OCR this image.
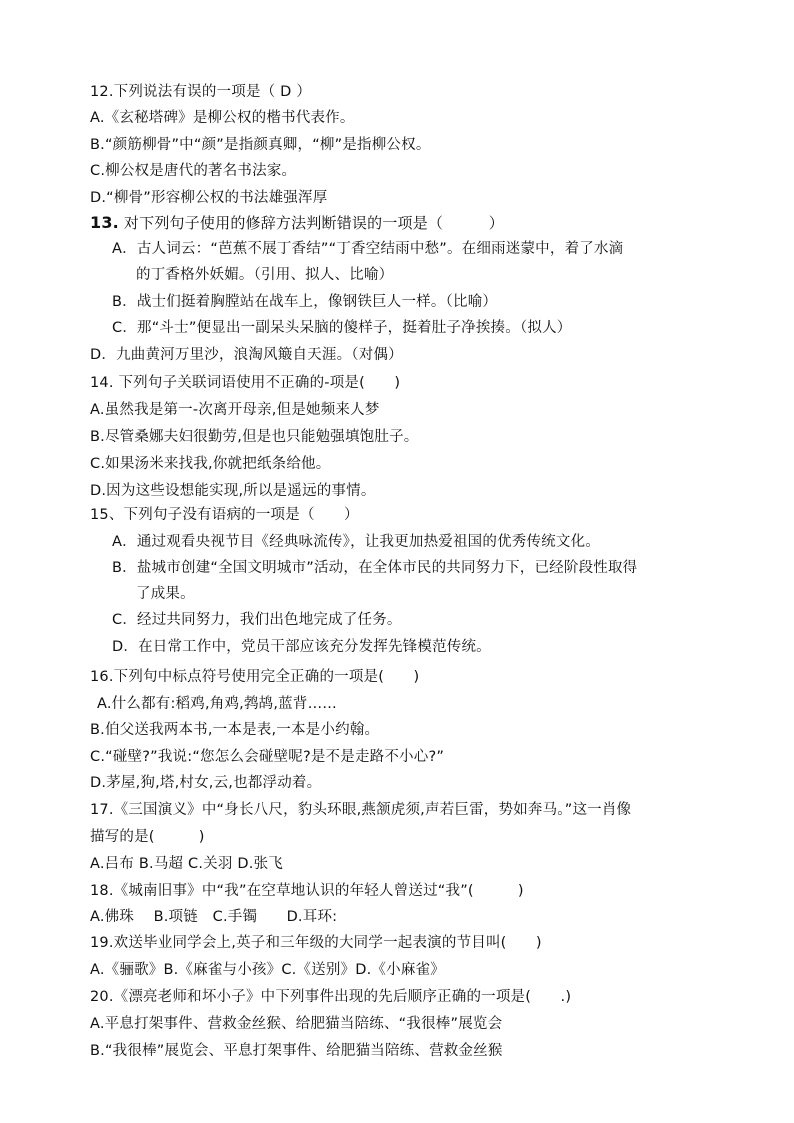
12.下列说法有误的一项是（ D ）
A.《玄秘塔碑》是柳公权的楷书代表作。
B.“颜筋柳骨”中“颜”是指颜真卿，“柳”是指柳公权。
C.柳公权是唐代的著名书法家。
D.“柳骨”形容柳公权的书法雄强浑厚
13. 对下列句子使用的修辞方法判断错误的一项是（　　　）
A．古人词云：“芭蕉不展丁香结”“丁香空结雨中愁”。在细雨迷蒙中，着了水滴
的丁香格外妖媚。（引用、拟人、比喻）
B．战士们挺着胸膛站在战车上，像钢铁巨人一样。（比喻）
C．那“斗士”便显出一副呆头呆脑的傻样子，挺着肚子净挨揍。（拟人）
D．九曲黄河万里沙，浪淘风簸自天涯。（对偶）
14. 下列句子关联词语使用不正确的-项是(　　)
A.虽然我是第一-次离开母亲,但是她频来人梦
B.尽管桑娜夫妇很勤劳,但是也只能勉强填饱肚子。
C.如果汤米来找我,你就把纸条给他。
D.因为这些设想能实现,所以是遥远的事情。
15、下列句子没有语病的一项是（　　）
A．通过观看央视节目《经典咏流传》，让我更加热爱祖国的优秀传统文化。
B．盐城市创建“全国文明城市”活动，在全体市民的共同努力下，已经阶段性取得
了成果。
C．经过共同努力，我们出色地完成了任务。
D．在日常工作中，党员干部应该充分发挥先锋模范传统。
16.下列句中标点符号使用完全正确的一项是(　　)
A.什么都有:稻鸡,角鸡,鹁鸪,蓝背……
B.伯父送我两本书,一本是表,一本是小约翰。
C.“碰壁?”我说:“您怎么会碰壁呢?是不是走路不小心?”
D.茅屋,狗,塔,村女,云,也都浮动着。
17.《三国演义》中“身长八尺，豹头环眼,燕颔虎须,声若巨雷，势如奔马。”这一肖像
描写的是(　　　)
A.吕布 B.马超 C.关羽 D.张飞
18.《城南旧事》中“我”在空草地认识的年轻人曾送过“我”(　　　)
A.佛珠　 B.项链　C.手镯　　D.耳环:
19.欢送毕业同学会上,英子和三年级的大同学一起表演的节目叫(　　)
A.《骊歌》B.《麻雀与小孩》C.《送别》D.《小麻雀》
20.《漂亮老师和坏小子》中下列事件出现的先后顺序正确的一项是(　　.)
A.平息打架事件、营救金丝猴、给肥猫当陪练、“我很棒”展览会
B.“我很棒”展览会、平息打架事件、给肥猫当陪练、营救金丝猴
